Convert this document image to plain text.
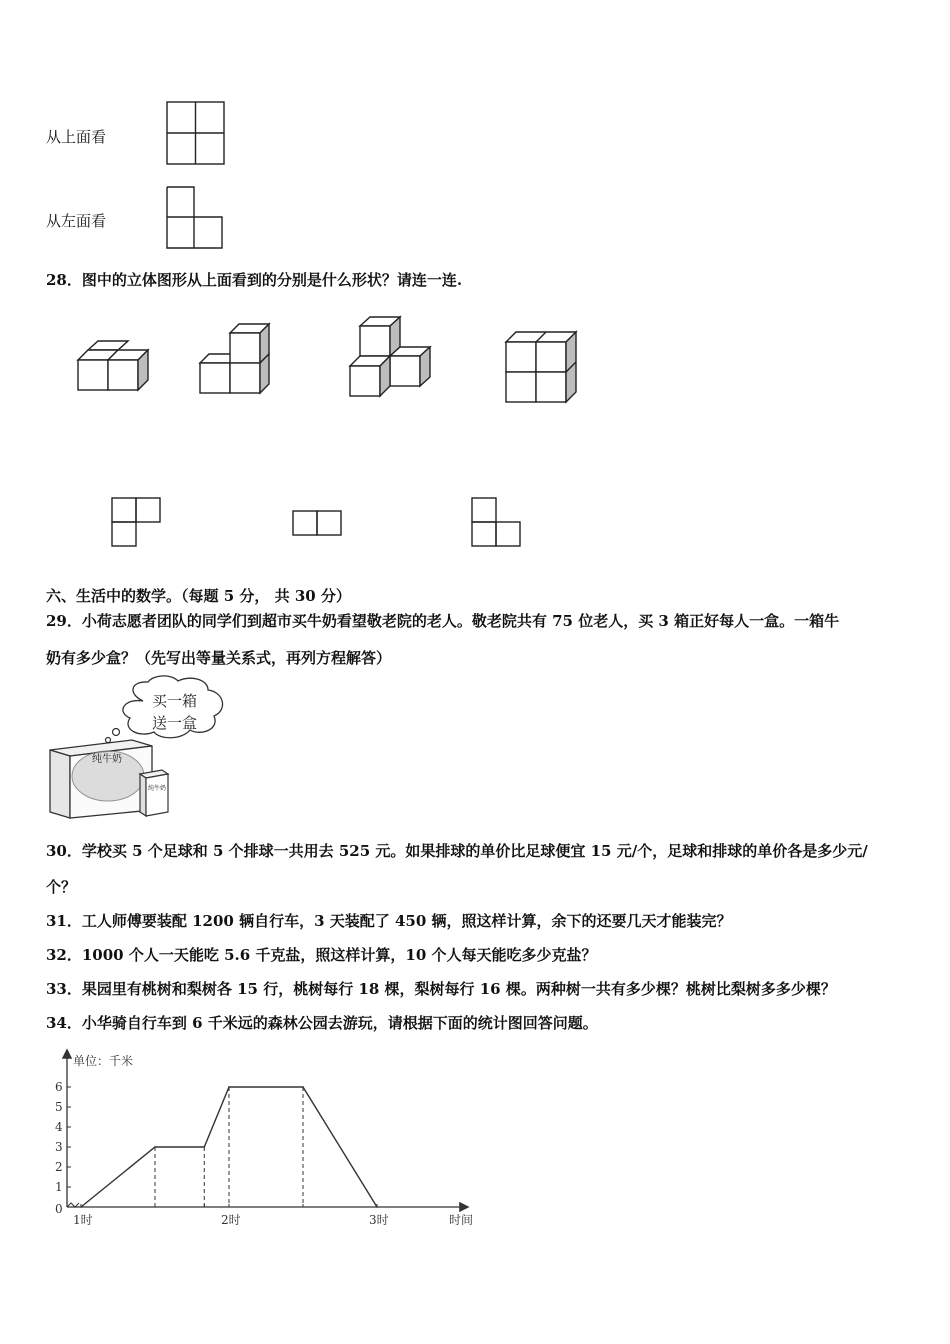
从上面看
从左面看
28．图中的立体图形从上面看到的分别是什么形状？请连一连.
六、生活中的数学。（每题 5 分， 共 30 分）
29．小荷志愿者团队的同学们到超市买牛奶看望敬老院的老人。敬老院共有 75 位老人，买 3 箱正好每人一盒。一箱牛
奶有多少盒？（先写出等量关系式，再列方程解答）
买一箱
送一盒
纯牛奶
纯牛奶
30．学校买 5 个足球和 5 个排球一共用去 525 元。如果排球的单价比足球便宜 15 元/个，足球和排球的单价各是多少元/
个？
31．工人师傅要装配 1200 辆自行车，3 天装配了 450 辆，照这样计算，余下的还要几天才能装完？
32．1000 个人一天能吃 5.6 千克盐，照这样计算，10 个人每天能吃多少克盐？
33．果园里有桃树和梨树各 15 行，桃树每行 18 棵，梨树每行 16 棵。两种树一共有多少棵？桃树比梨树多多少棵？
34．小华骑自行车到 6 千米远的森林公园去游玩，请根据下面的统计图回答问题。
0
1
2
3
4
5
6
单位：千米
1时	2时	3时	时间
